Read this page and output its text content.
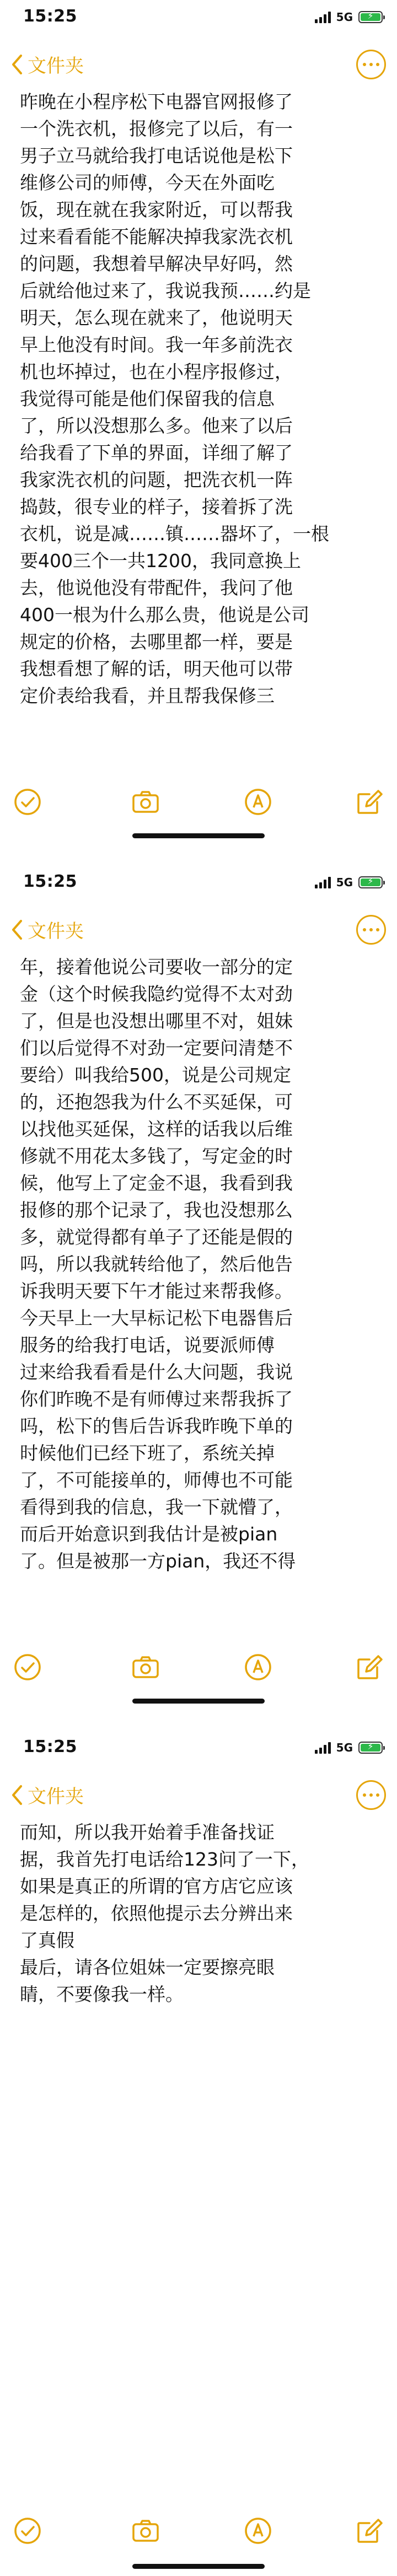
15:25	5G	⚡
文件夹
昨晚在小程序松下电器官网报修了
一个洗衣机，报修完了以后，有一
男子立马就给我打电话说他是松下
维修公司的师傅，今天在外面吃
饭，现在就在我家附近，可以帮我
过来看看能不能解决掉我家洗衣机
的问题，我想着早解决早好吗，然
后就给他过来了，我说我预……约是
明天，怎么现在就来了，他说明天
早上他没有时间。我一年多前洗衣
机也坏掉过，也在小程序报修过，
我觉得可能是他们保留我的信息
了，所以没想那么多。他来了以后
给我看了下单的界面，详细了解了
我家洗衣机的问题，把洗衣机一阵
捣鼓，很专业的样子，接着拆了洗
衣机，说是减……镇……器坏了，一根
要400三个一共1200，我同意换上
去，他说他没有带配件，我问了他
400一根为什么那么贵，他说是公司
规定的价格，去哪里都一样，要是
我想看想了解的话，明天他可以带
定价表给我看，并且帮我保修三
15:25	5G	⚡
文件夹
年，接着他说公司要收一部分的定
金（这个时候我隐约觉得不太对劲
了，但是也没想出哪里不对，姐妹
们以后觉得不对劲一定要问清楚不
要给）叫我给500，说是公司规定
的，还抱怨我为什么不买延保，可
以找他买延保，这样的话我以后维
修就不用花太多钱了，写定金的时
候，他写上了定金不退，我看到我
报修的那个记录了，我也没想那么
多，就觉得都有单子了还能是假的
吗，所以我就转给他了，然后他告
诉我明天要下午才能过来帮我修。
今天早上一大早标记松下电器售后
服务的给我打电话，说要派师傅
过来给我看看是什么大问题，我说
你们昨晚不是有师傅过来帮我拆了
吗，松下的售后告诉我昨晚下单的
时候他们已经下班了，系统关掉
了，不可能接单的，师傅也不可能
看得到我的信息，我一下就懵了，
而后开始意识到我估计是被pian
了。但是被那一方pian，我还不得
15:25	5G	⚡
文件夹
而知，所以我开始着手准备找证
据，我首先打电话给123问了一下，
如果是真正的所谓的官方店它应该
是怎样的，依照他提示去分辨出来
了真假
最后，请各位姐妹一定要擦亮眼
睛，不要像我一样。
